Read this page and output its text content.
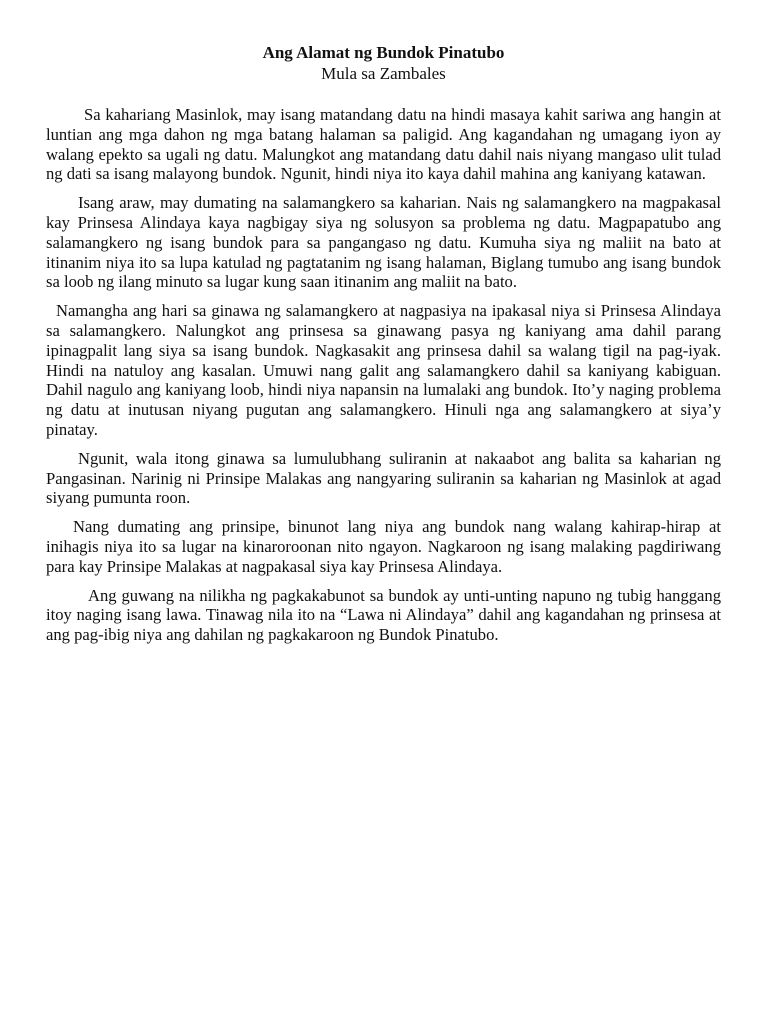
Ang Alamat ng Bundok Pinatubo
Mula sa Zambales

Sa kahariang Masinlok, may isang matandang datu na hindi masaya kahit sariwa ang hangin at luntian ang mga dahon ng mga batang halaman sa paligid. Ang kagandahan ng umagang iyon ay walang epekto sa ugali ng datu. Malungkot ang matandang datu dahil nais niyang mangaso ulit tulad ng dati sa isang malayong bundok. Ngunit, hindi niya ito kaya dahil mahina ang kaniyang katawan.

Isang araw, may dumating na salamangkero sa kaharian. Nais ng salamangkero na magpakasal kay Prinsesa Alindaya kaya nagbigay siya ng solusyon sa problema ng datu. Magpapatubo ang salamangkero ng isang bundok para sa pangangaso ng datu. Kumuha siya ng maliit na bato at itinanim niya ito sa lupa katulad ng pagtatanim ng isang halaman, Biglang tumubo ang isang bundok sa loob ng ilang minuto sa lugar kung saan itinanim ang maliit na bato.

Namangha ang hari sa ginawa ng salamangkero at nagpasiya na ipakasal niya si Prinsesa Alindaya sa salamangkero. Nalungkot ang prinsesa sa ginawang pasya ng kaniyang ama dahil parang ipinagpalit lang siya sa isang bundok. Nagkasakit ang prinsesa dahil sa walang tigil na pag-iyak. Hindi na natuloy ang kasalan. Umuwi nang galit ang salamangkero dahil sa kaniyang kabiguan. Dahil nagulo ang kaniyang loob, hindi niya napansin na lumalaki ang bundok. Ito’y naging problema ng datu at inutusan niyang pugutan ang salamangkero. Hinuli nga ang salamangkero at siya’y pinatay.

Ngunit, wala itong ginawa sa lumulubhang suliranin at nakaabot ang balita sa kaharian ng Pangasinan. Narinig ni Prinsipe Malakas ang nangyaring suliranin sa kaharian ng Masinlok at agad siyang pumunta roon.

Nang dumating ang prinsipe, binunot lang niya ang bundok nang walang kahirap-hirap at inihagis niya ito sa lugar na kinaroroonan nito ngayon. Nagkaroon ng isang malaking pagdiriwang para kay Prinsipe Malakas at nagpakasal siya kay Prinsesa Alindaya.

Ang guwang na nilikha ng pagkakabunot sa bundok ay unti-unting napuno ng tubig hanggang itoy naging isang lawa. Tinawag nila ito na “Lawa ni Alindaya” dahil ang kagandahan ng prinsesa at ang pag-ibig niya ang dahilan ng pagkakaroon ng Bundok Pinatubo.
